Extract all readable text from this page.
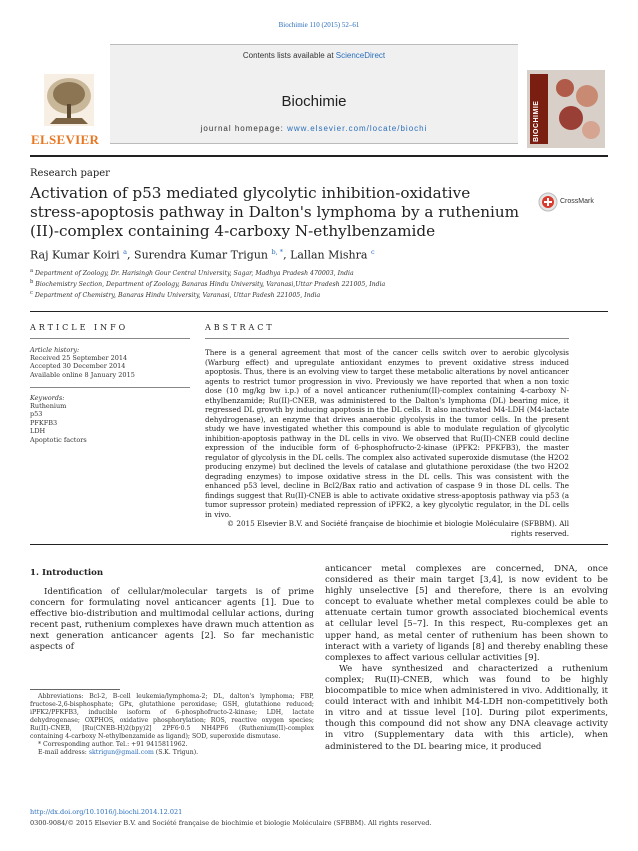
Biochimie 110 (2015) 52–61
Contents lists available at ScienceDirect
Biochimie
journal homepage: www.elsevier.com/locate/biochi
ELSEVIER	BIOCHIMIE
Research paper
Activation of p53 mediated glycolytic inhibition-oxidative stress-apoptosis pathway in Dalton's lymphoma by a ruthenium (II)-complex containing 4-carboxy N-ethylbenzamide
CrossMark
Raj Kumar Koiri $^a$, Surendra Kumar Trigun $^{b, *}$, Lallan Mishra $^c$
$^a$ Department of Zoology, Dr. Harisingh Gour Central University, Sagar, Madhya Pradesh 470003, India
$^b$ Biochemistry Section, Department of Zoology, Banaras Hindu University, Varanasi,Uttar Pradesh 221005, India
$^c$ Department of Chemistry, Banaras Hindu University, Varanasi, Uttar Padesh 221005, India
ARTICLE INFO	ABSTRACT
Article history:
Received 25 September 2014
Accepted 30 December 2014
Available online 8 January 2015
Keywords:
Ruthenium
p53
PFKFB3
LDH
Apoptotic factors

There is a general agreement that most of the cancer cells switch over to aerobic glycolysis (Warburg effect) and upregulate antioxidant enzymes to prevent oxidative stress induced apoptosis. Thus, there is an evolving view to target these metabolic alterations by novel anticancer agents to restrict tumor progression in vivo. Previously we have reported that when a non toxic dose (10 mg/kg bw i.p.) of a novel anticancer ruthenium(II)-complex containing 4-carboxy N-ethylbenzamide; Ru(II)-CNEB, was administered to the Dalton's lymphoma (DL) bearing mice, it regressed DL growth by inducing apoptosis in the DL cells. It also inactivated M4-LDH (M4-lactate dehydrogenase), an enzyme that drives anaerobic glycolysis in the tumor cells. In the present study we have investigated whether this compound is able to modulate regulation of glycolytic inhibition-apoptosis pathway in the DL cells in vivo. We observed that Ru(II)-CNEB could decline expression of the inducible form of 6-phosphofructo-2-kinase (iPFK2: PFKFB3), the master regulator of glycolysis in the DL cells. The complex also activated superoxide dismutase (the H2O2 producing enzyme) but declined the levels of catalase and glutathione peroxidase (the two H2O2 degrading enzymes) to impose oxidative stress in the DL cells. This was consistent with the enhanced p53 level, decline in Bcl2/Bax ratio and activation of caspase 9 in those DL cells. The findings suggest that Ru(II)-CNEB is able to activate oxidative stress-apoptosis pathway via p53 (a tumor supressor protein) mediated repression of iPFK2, a key glycolytic regulator, in the DL cells in vivo.

© 2015 Elsevier B.V. and Société française de biochimie et biologie Moléculaire (SFBBM). All rights reserved.

1. Introduction

Identification of cellular/molecular targets is of prime concern for formulating novel anticancer agents [1]. Due to effective bio-distribution and multimodal cellular actions, during recent past, ruthenium complexes have drawn much attention as next generation anticancer agents [2]. So far mechanistic aspects of

anticancer metal complexes are concerned, DNA, once considered as their main target [3,4], is now evident to be highly unselective [5] and therefore, there is an evolving concept to evaluate whether metal complexes could be able to attenuate certain tumor growth associated biochemical events at cellular level [5–7]. In this respect, Ru-complexes get an upper hand, as metal center of ruthenium has been shown to interact with a variety of ligands [8] and thereby enabling these complexes to affect various cellular activities [9].

We have synthesized and characterized a ruthenium complex; Ru(II)-CNEB, which was found to be highly biocompatible to mice when administered in vivo. Additionally, it could interact with and inhibit M4-LDH non-competitively both in vitro and at tissue level [10]. During pilot experiments, though this compound did not show any DNA cleavage activity in vitro (Supplementary data with this article), when administered to the DL bearing mice, it produced

Abbreviations: Bcl-2, B-cell leukemia/lymphoma-2; DL, dalton's lymphoma; FBP, fructose-2,6-bisphosphate; GPx, glutathione peroxidase; GSH, glutathione reduced; iPFK2/PFKFB3, inducible isoform of 6-phosphofructo-2-kinase; LDH, lactate dehydrogenase; OXPHOS, oxidative phosphorylation; ROS, reactive oxygen species; Ru(II)-CNEB, [Ru(CNEB-H)2(bpy)2] 2PF6·0.5 NH4PF6 (Ruthenium(II)-complex containing 4-carboxy N-ethylbenzamide as ligand); SOD, superoxide dismutase.

* Corresponding author. Tel.: +91 9415811962.

E-mail address: sktrigun@gmail.com (S.K. Trigun).

http://dx.doi.org/10.1016/j.biochi.2014.12.021
0300-9084/© 2015 Elsevier B.V. and Société française de biochimie et biologie Moléculaire (SFBBM). All rights reserved.
